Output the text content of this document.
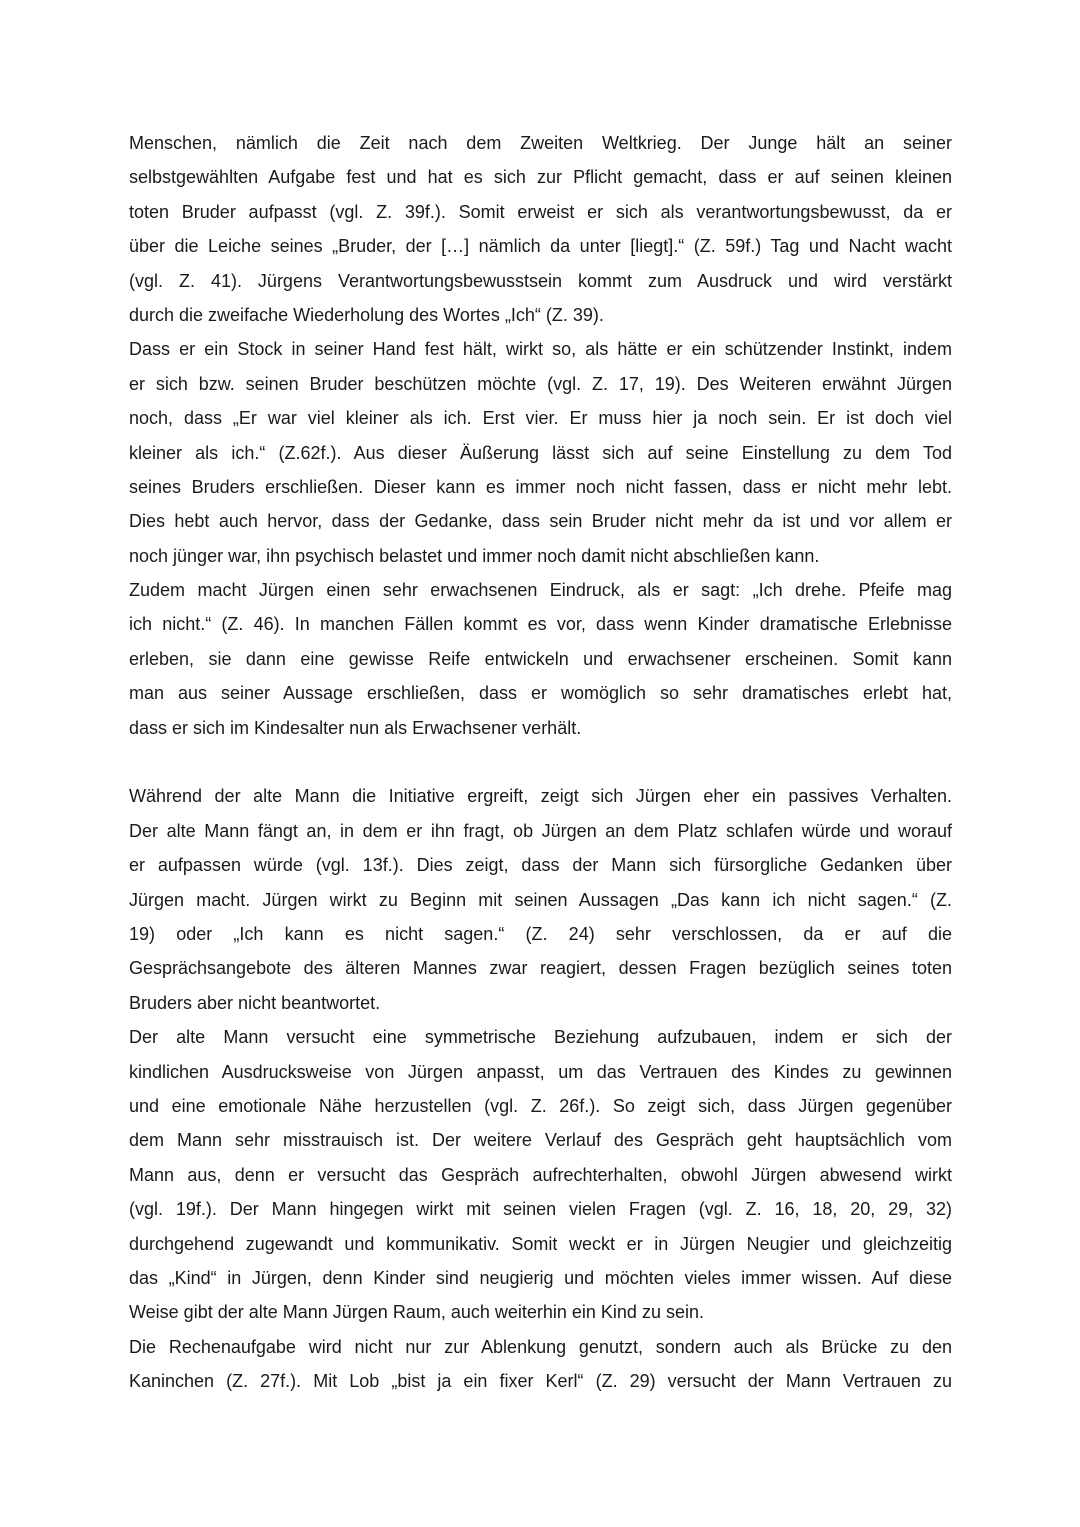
Menschen, nämlich die Zeit nach dem Zweiten Weltkrieg. Der Junge hält an seiner
selbstgewählten Aufgabe fest und hat es sich zur Pflicht gemacht, dass er auf seinen kleinen
toten Bruder aufpasst (vgl. Z. 39f.). Somit erweist er sich als verantwortungsbewusst, da er
über die Leiche seines „Bruder, der […] nämlich da unter [liegt].“ (Z. 59f.) Tag und Nacht wacht
(vgl. Z. 41). Jürgens Verantwortungsbewusstsein kommt zum Ausdruck und wird verstärkt
durch die zweifache Wiederholung des Wortes „Ich“ (Z. 39).
Dass er ein Stock in seiner Hand fest hält, wirkt so, als hätte er ein schützender Instinkt, indem
er sich bzw. seinen Bruder beschützen möchte (vgl. Z. 17, 19). Des Weiteren erwähnt Jürgen
noch, dass „Er war viel kleiner als ich. Erst vier. Er muss hier ja noch sein. Er ist doch viel
kleiner als ich.“ (Z.62f.). Aus dieser Äußerung lässt sich auf seine Einstellung zu dem Tod
seines Bruders erschließen. Dieser kann es immer noch nicht fassen, dass er nicht mehr lebt.
Dies hebt auch hervor, dass der Gedanke, dass sein Bruder nicht mehr da ist und vor allem er
noch jünger war, ihn psychisch belastet und immer noch damit nicht abschließen kann.
Zudem macht Jürgen einen sehr erwachsenen Eindruck, als er sagt: „Ich drehe. Pfeife mag
ich nicht.“ (Z. 46). In manchen Fällen kommt es vor, dass wenn Kinder dramatische Erlebnisse
erleben, sie dann eine gewisse Reife entwickeln und erwachsener erscheinen. Somit kann
man aus seiner Aussage erschließen, dass er womöglich so sehr dramatisches erlebt hat,
dass er sich im Kindesalter nun als Erwachsener verhält.
Während der alte Mann die Initiative ergreift, zeigt sich Jürgen eher ein passives Verhalten.
Der alte Mann fängt an, in dem er ihn fragt, ob Jürgen an dem Platz schlafen würde und worauf
er aufpassen würde (vgl. 13f.). Dies zeigt, dass der Mann sich fürsorgliche Gedanken über
Jürgen macht. Jürgen wirkt zu Beginn mit seinen Aussagen „Das kann ich nicht sagen.“ (Z.
19) oder „Ich kann es nicht sagen.“ (Z. 24) sehr verschlossen, da er auf die
Gesprächsangebote des älteren Mannes zwar reagiert, dessen Fragen bezüglich seines toten
Bruders aber nicht beantwortet.
Der alte Mann versucht eine symmetrische Beziehung aufzubauen, indem er sich der
kindlichen Ausdrucksweise von Jürgen anpasst, um das Vertrauen des Kindes zu gewinnen
und eine emotionale Nähe herzustellen (vgl. Z. 26f.). So zeigt sich, dass Jürgen gegenüber
dem Mann sehr misstrauisch ist. Der weitere Verlauf des Gespräch geht hauptsächlich vom
Mann aus, denn er versucht das Gespräch aufrechterhalten, obwohl Jürgen abwesend wirkt
(vgl. 19f.). Der Mann hingegen wirkt mit seinen vielen Fragen (vgl. Z. 16, 18, 20, 29, 32)
durchgehend zugewandt und kommunikativ. Somit weckt er in Jürgen Neugier und gleichzeitig
das „Kind“ in Jürgen, denn Kinder sind neugierig und möchten vieles immer wissen. Auf diese
Weise gibt der alte Mann Jürgen Raum, auch weiterhin ein Kind zu sein.
Die Rechenaufgabe wird nicht nur zur Ablenkung genutzt, sondern auch als Brücke zu den
Kaninchen (Z. 27f.). Mit Lob „bist ja ein fixer Kerl“ (Z. 29) versucht der Mann Vertrauen zu
